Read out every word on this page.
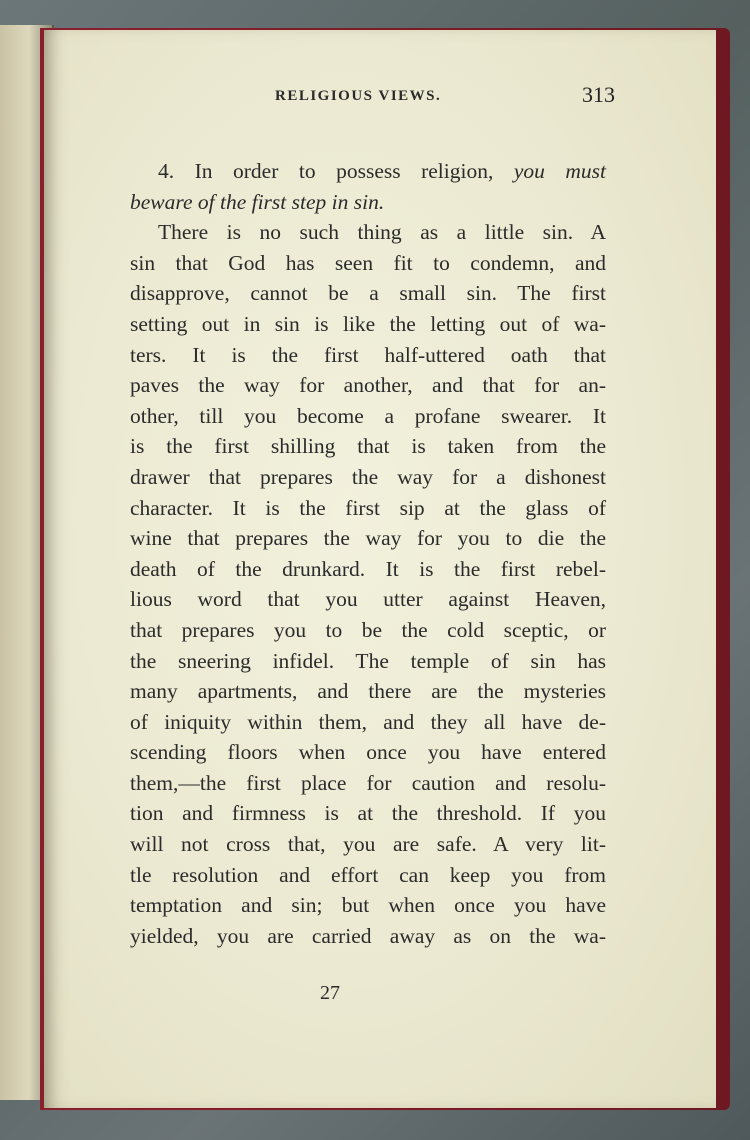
RELIGIOUS VIEWS.	313
4. In order to possess religion, you must
beware of the first step in sin.
There is no such thing as a little sin. A
sin that God has seen fit to condemn, and
disapprove, cannot be a small sin. The first
setting out in sin is like the letting out of wa-
ters. It is the first half-uttered oath that
paves the way for another, and that for an-
other, till you become a profane swearer. It
is the first shilling that is taken from the
drawer that prepares the way for a dishonest
character. It is the first sip at the glass of
wine that prepares the way for you to die the
death of the drunkard. It is the first rebel-
lious word that you utter against Heaven,
that prepares you to be the cold sceptic, or
the sneering infidel. The temple of sin has
many apartments, and there are the mysteries
of iniquity within them, and they all have de-
scending floors when once you have entered
them,—the first place for caution and resolu-
tion and firmness is at the threshold. If you
will not cross that, you are safe. A very lit-
tle resolution and effort can keep you from
temptation and sin; but when once you have
yielded, you are carried away as on the wa-
27
